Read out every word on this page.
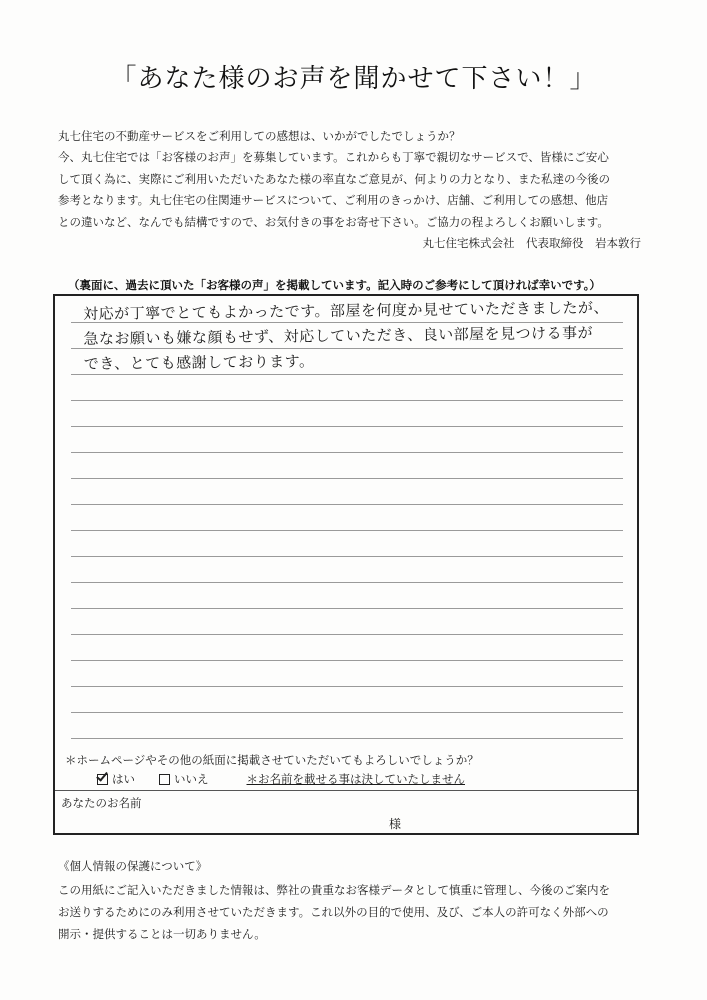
「あなた様のお声を聞かせて下さい！」

丸七住宅の不動産サービスをご利用しての感想は、いかがでしたでしょうか？

今、丸七住宅では「お客様のお声」を募集しています。これからも丁寧で親切なサービスで、皆様にご安心

して頂く為に、実際にご利用いただいたあなた様の率直なご意見が、何よりの力となり、また私達の今後の

参考となります。丸七住宅の住関連サービスについて、ご利用のきっかけ、店舗、ご利用しての感想、他店

との違いなど、なんでも結構ですので、お気付きの事をお寄せ下さい。ご協力の程よろしくお願いします。

丸七住宅株式会社　代表取締役　岩本敦行
（裏面に、過去に頂いた「お客様の声」を掲載しています。記入時のご参考にして頂ければ幸いです。）
対応が丁寧でとてもよかったです。部屋を何度か見せていただきましたが、
急なお願いも嫌な顔もせず、対応していただき、良い部屋を見つける事が
でき、とても感謝しております。
＊ホームページやその他の紙面に掲載させていただいてもよろしいでしょうか？
はい	いいえ	＊お名前を載せる事は決していたしません
あなたのお名前
様

《個人情報の保護について》

この用紙にご記入いただきました情報は、弊社の貴重なお客様データとして慎重に管理し、今後のご案内を

お送りするためにのみ利用させていただきます。これ以外の目的で使用、及び、ご本人の許可なく外部への

開示・提供することは一切ありません。
